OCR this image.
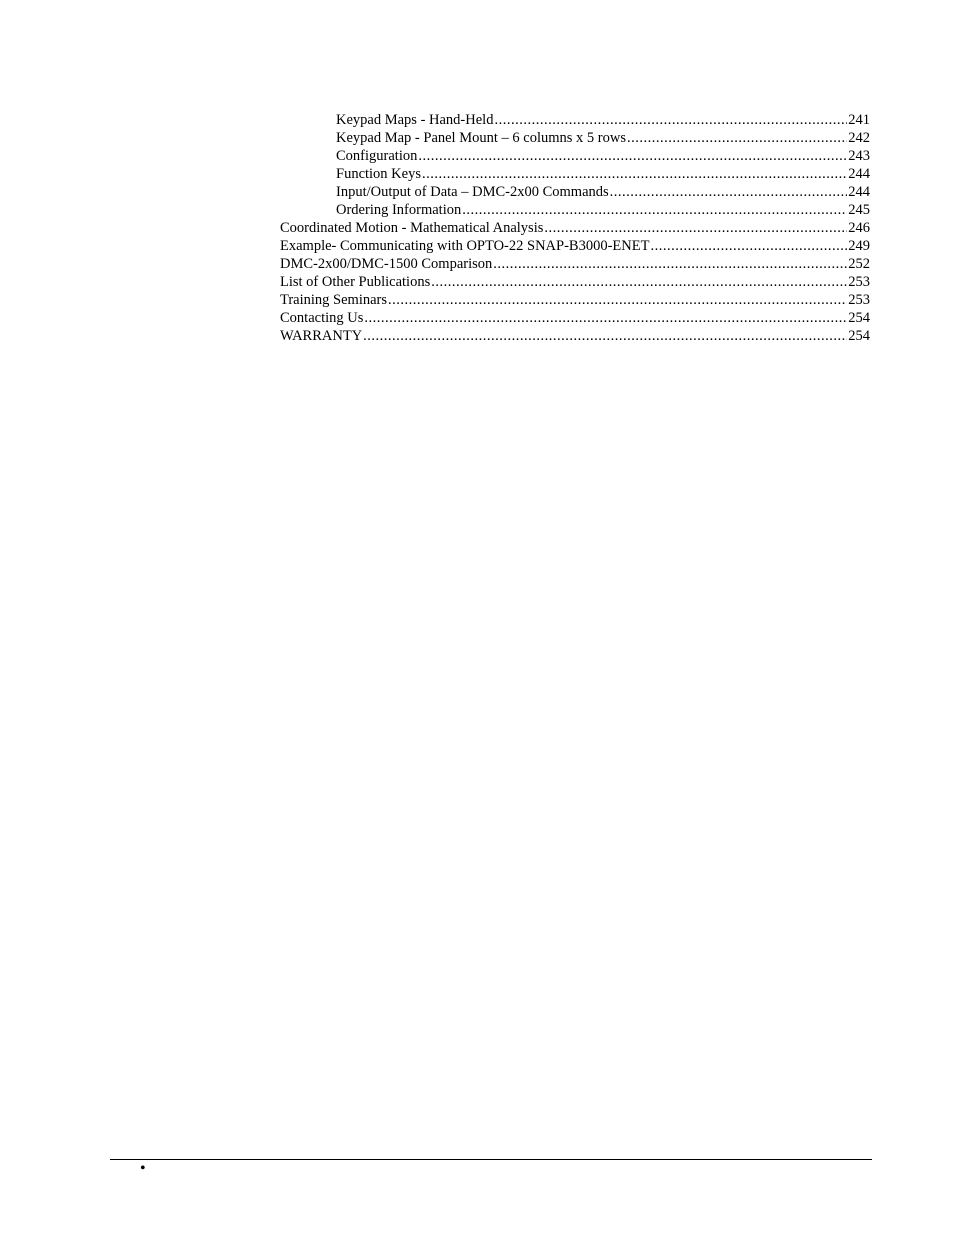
Keypad Maps - Hand-Held .....	241
Keypad Map - Panel Mount – 6 columns x 5 rows .....	242
Configuration .....	243
Function Keys .....	244
Input/Output of Data – DMC-2x00 Commands .....	244
Ordering Information .....	245
Coordinated Motion - Mathematical Analysis .....	246
Example- Communicating with OPTO-22 SNAP-B3000-ENET .....	249
DMC-2x00/DMC-1500 Comparison .....	252
List of Other Publications .....	253
Training Seminars .....	253
Contacting Us .....	254
WARRANTY .....	254
•
